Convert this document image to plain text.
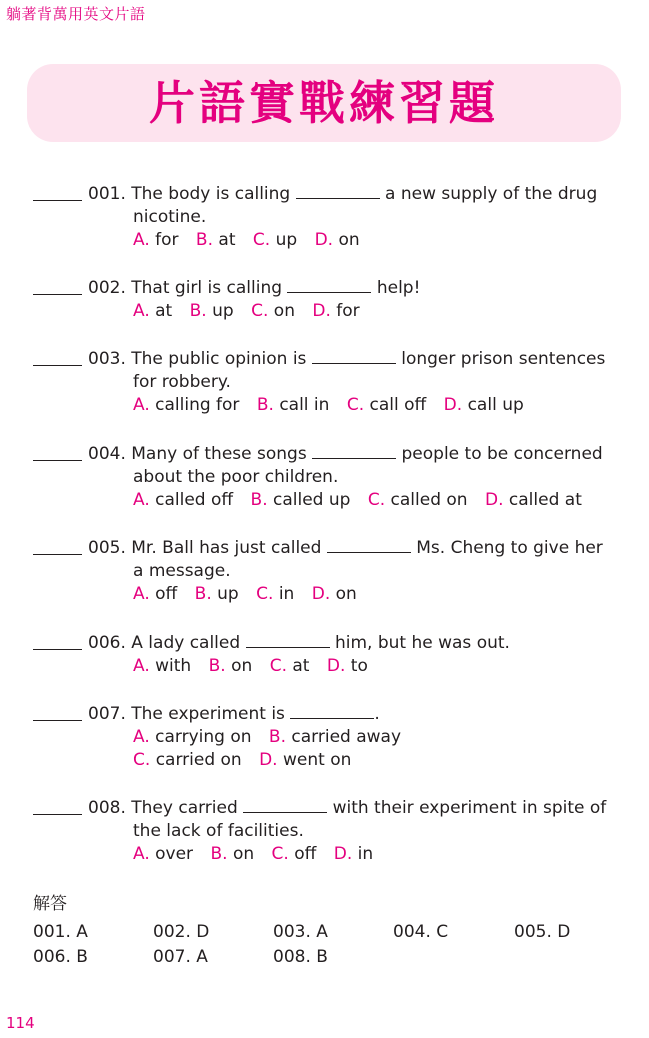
躺著背萬用英文片語
片語實戰練習題
001. The body is calling	a new supply of the drug
nicotine.
A. for B. at C. up D. on
002. That girl is calling	help!
A. at B. up C. on D. for
003. The public opinion is	longer prison sentences
for robbery.
A. calling for B. call in C. call off D. call up
004. Many of these songs	people to be concerned
about the poor children.
A. called off B. called up C. called on D. called at
005. Mr. Ball has just called	Ms. Cheng to give her
a message.
A. off B. up C. in D. on
006. A lady called	him, but he was out.
A. with B. on C. at D. to
007. The experiment is	.
A. carrying on B. carried away
C. carried on D. went on
008. They carried	with their experiment in spite of
the lack of facilities.
A. over B. on C. off D. in
解答
001. A	002. D	003. A	004. C	005. D
006. B	007. A	008. B
114
